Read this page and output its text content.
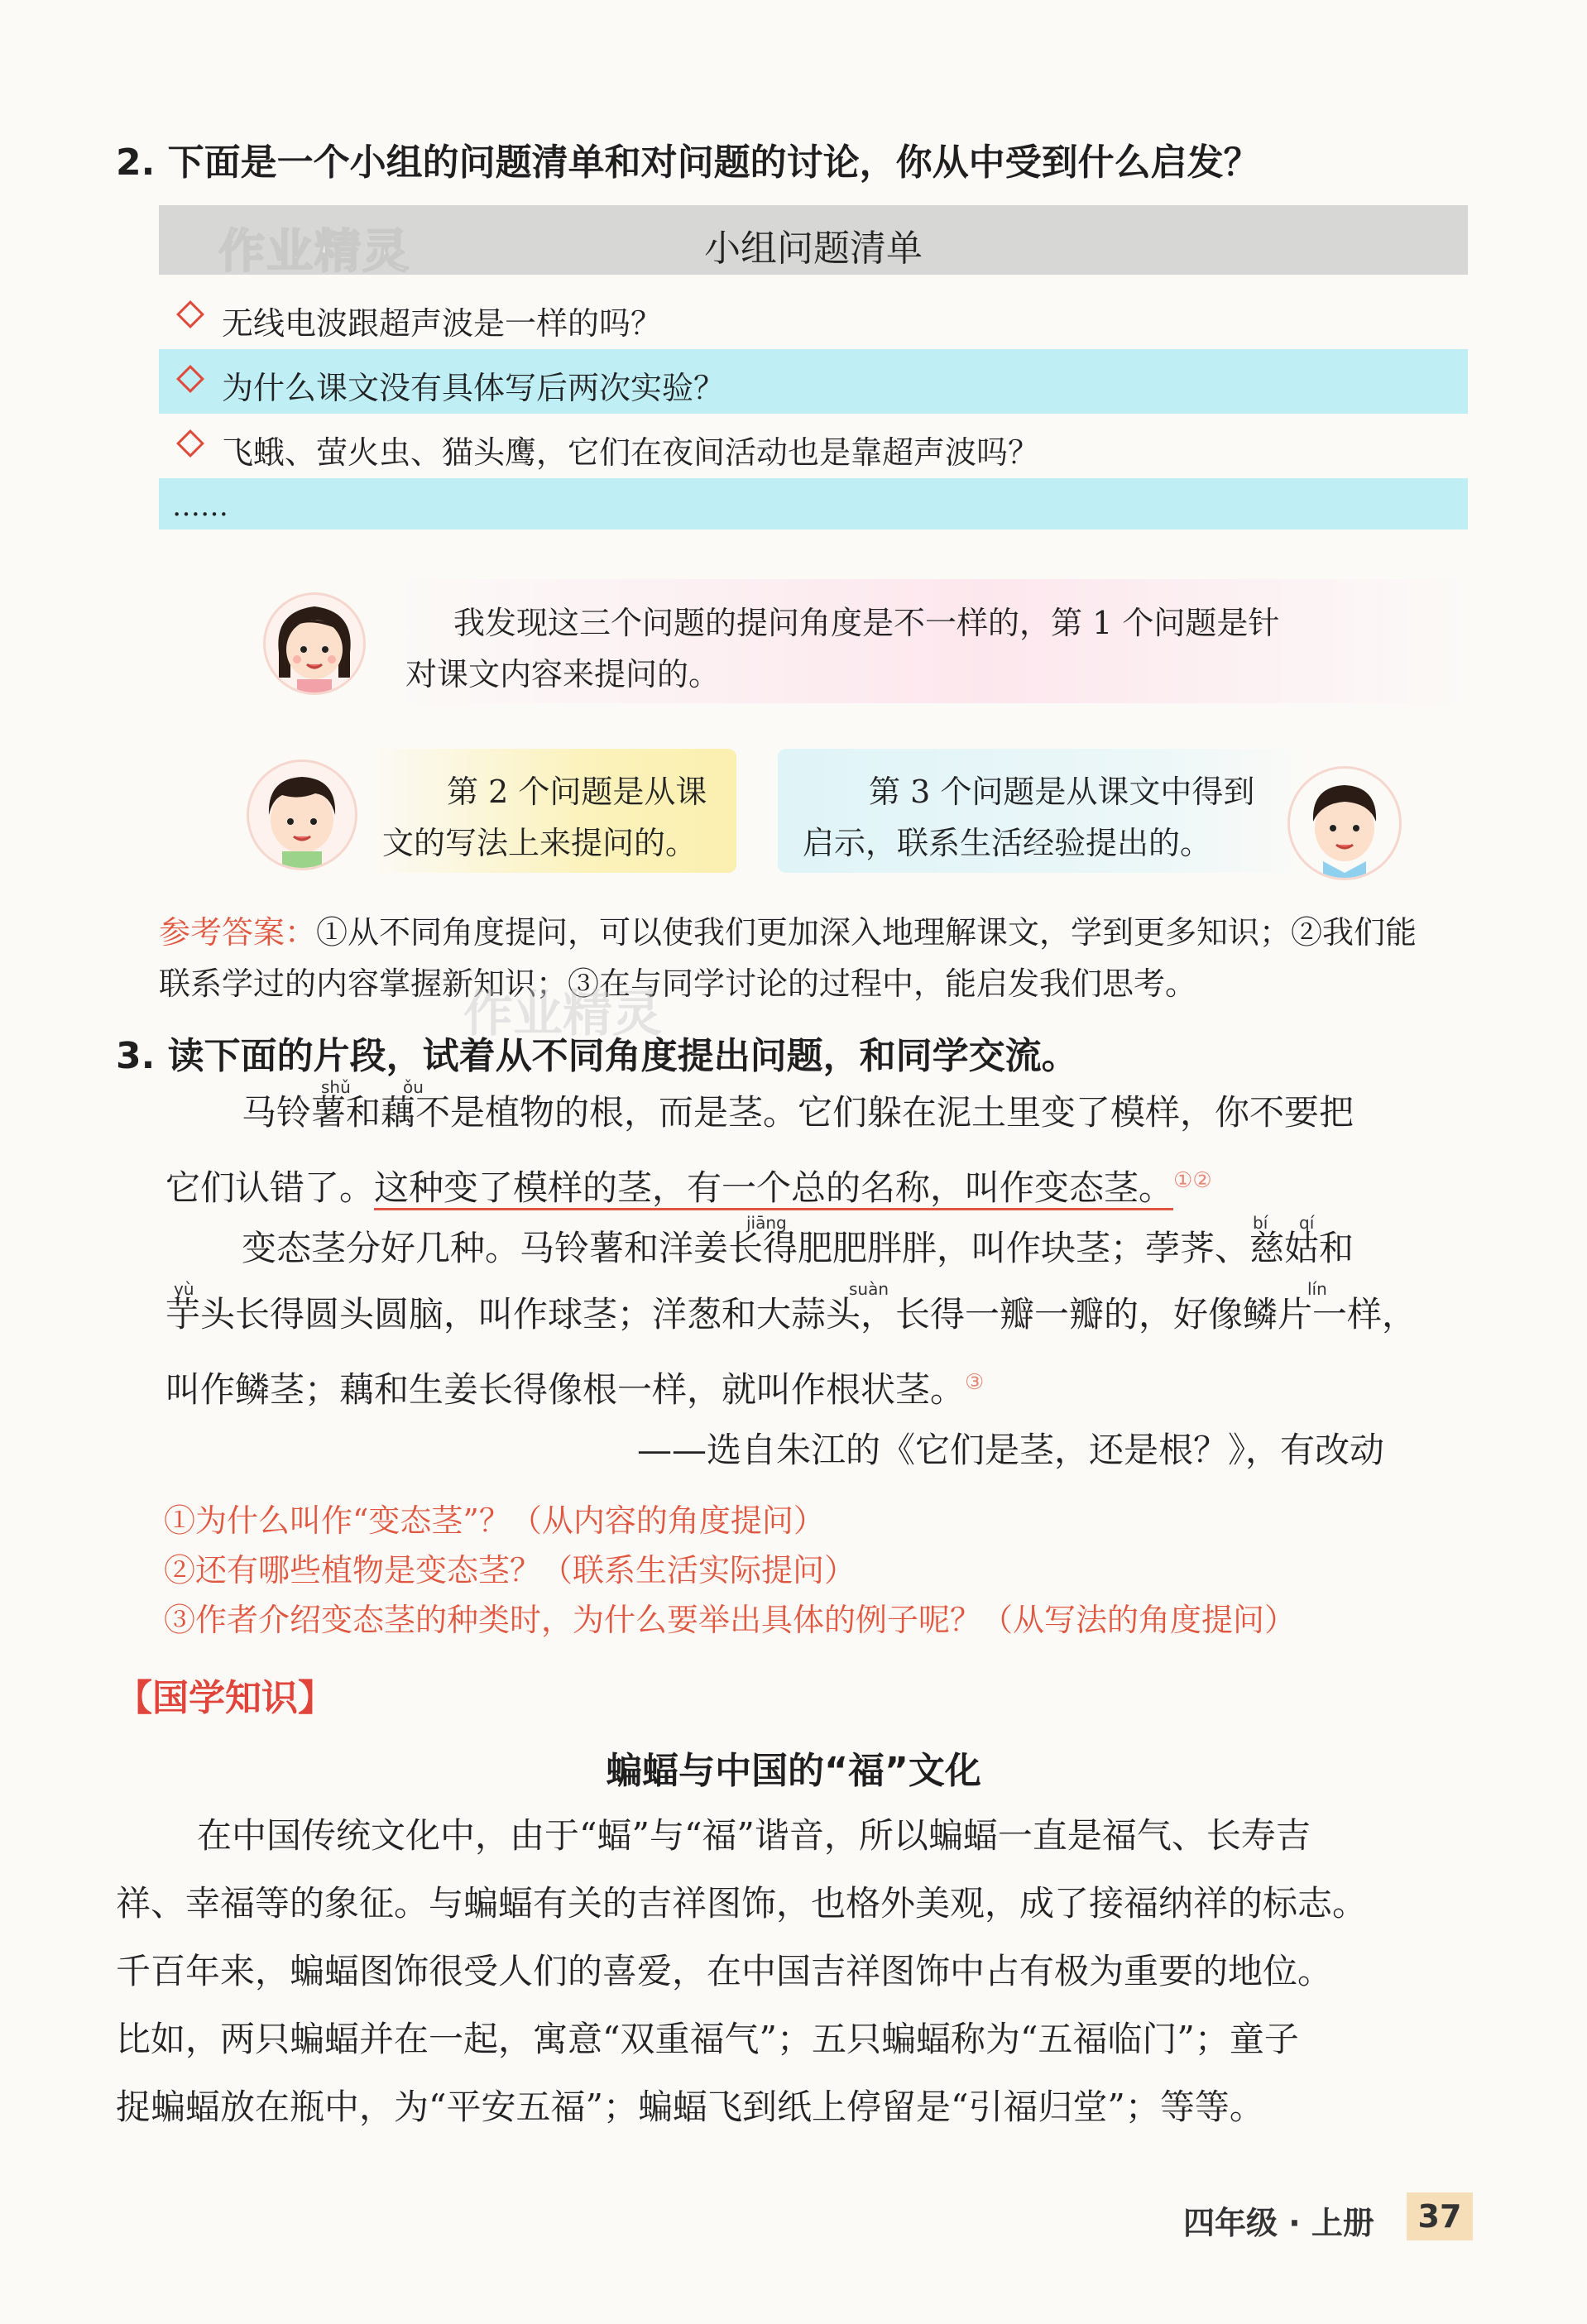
2. 下面是一个小组的问题清单和对问题的讨论，你从中受到什么启发？
作业精灵	小组问题清单
无线电波跟超声波是一样的吗？
为什么课文没有具体写后两次实验？
飞蛾、萤火虫、猫头鹰，它们在夜间活动也是靠超声波吗？
……
我发现这三个问题的提问角度是不一样的，第 1 个问题是针
对课文内容来提问的。
第 2 个问题是从课
文的写法上来提问的。
第 3 个问题是从课文中得到
启示，联系生活经验提出的。
参考答案：①从不同角度提问，可以使我们更加深入地理解课文，学到更多知识；②我们能
联系学过的内容掌握新知识；③在与同学讨论的过程中，能启发我们思考。
作业精灵
3. 读下面的片段，试着从不同角度提出问题，和同学交流。
shǔ	ǒu
马铃薯和藕不是植物的根，而是茎。它们躲在泥土里变了模样，你不要把
它们认错了。这种变了模样的茎，有一个总的名称，叫作变态茎。①②
jiāng	bí qí
变态茎分好几种。马铃薯和洋姜长得肥肥胖胖，叫作块茎；荸荠、慈姑和
yù	suàn	lín
芋头长得圆头圆脑，叫作球茎；洋葱和大蒜头，长得一瓣一瓣的，好像鳞片一样，
叫作鳞茎；藕和生姜长得像根一样，就叫作根状茎。③
——选自朱江的《它们是茎，还是根？》，有改动
①为什么叫作“变态茎”？（从内容的角度提问）
②还有哪些植物是变态茎？（联系生活实际提问）
③作者介绍变态茎的种类时，为什么要举出具体的例子呢？（从写法的角度提问）
【国学知识】
蝙蝠与中国的“福”文化
在中国传统文化中，由于“蝠”与“福”谐音，所以蝙蝠一直是福气、长寿吉
祥、幸福等的象征。与蝙蝠有关的吉祥图饰，也格外美观，成了接福纳祥的标志。
千百年来，蝙蝠图饰很受人们的喜爱，在中国吉祥图饰中占有极为重要的地位。
比如，两只蝙蝠并在一起，寓意“双重福气”；五只蝙蝠称为“五福临门”；童子
捉蝙蝠放在瓶中，为“平安五福”；蝙蝠飞到纸上停留是“引福归堂”；等等。
四年级 · 上册	37
